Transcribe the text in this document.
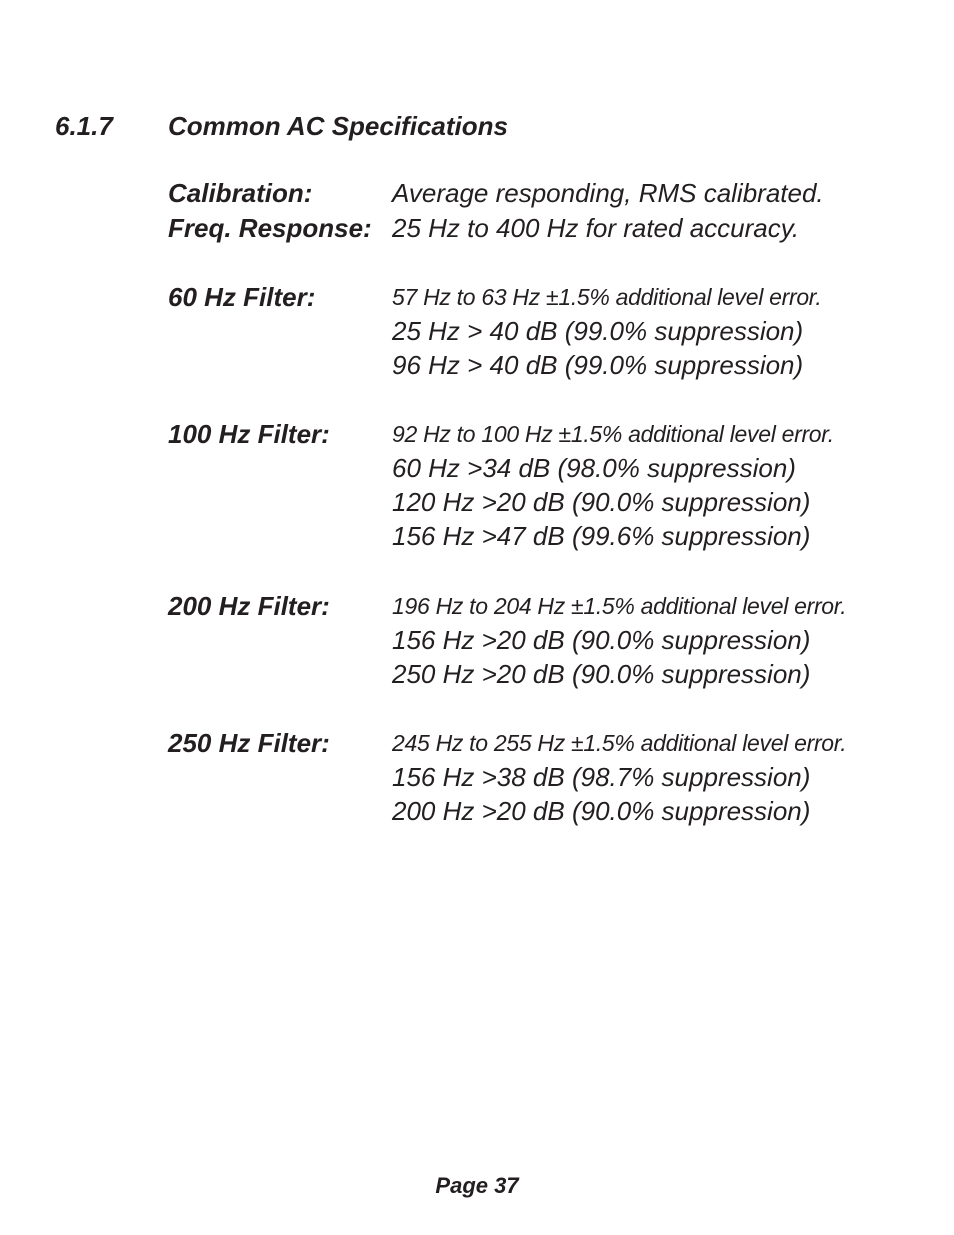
6.1.7 Common AC Specifications
Calibration:	Average responding, RMS calibrated.
Freq. Response: 25 Hz to 400 Hz for rated accuracy.
60 Hz Filter:	57 Hz to 63 Hz ±1.5% additional level error.
25 Hz > 40 dB (99.0% suppression)
96 Hz > 40 dB (99.0% suppression)
100 Hz Filter:	92 Hz to 100 Hz ±1.5% additional level error.
60 Hz >34 dB (98.0% suppression)
120 Hz >20 dB (90.0% suppression)
156 Hz >47 dB (99.6% suppression)
200 Hz Filter:	196 Hz to 204 Hz ±1.5% additional level error.
156 Hz >20 dB (90.0% suppression)
250 Hz >20 dB (90.0% suppression)
250 Hz Filter:	245 Hz to 255 Hz ±1.5% additional level error.
156 Hz >38 dB (98.7% suppression)
200 Hz >20 dB (90.0% suppression)
Page 37
